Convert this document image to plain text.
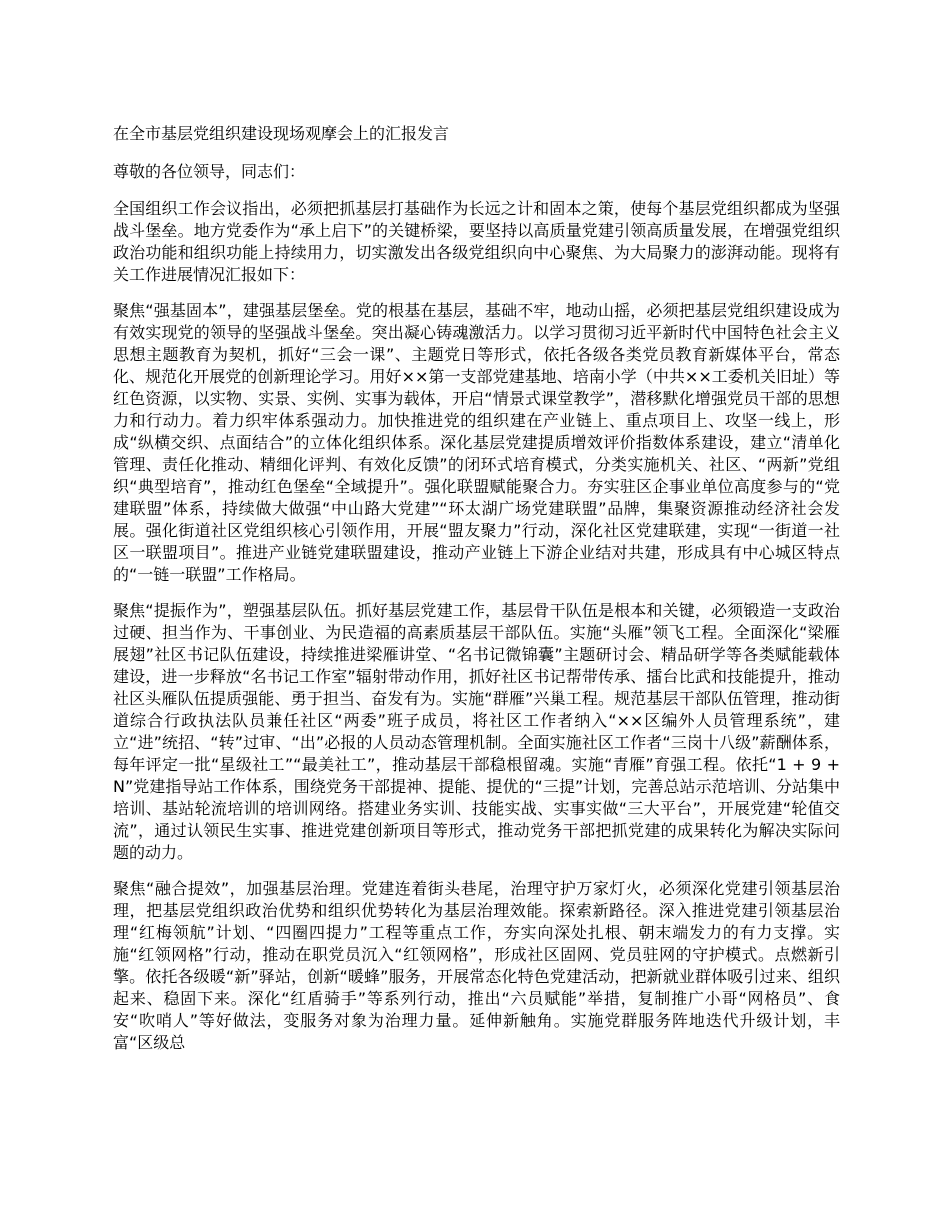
在全市基层党组织建设现场观摩会上的汇报发言
尊敬的各位领导，同志们：

全国组织工作会议指出，必须把抓基层打基础作为长远之计和固本之策，使每个基层党组织都成为坚强战斗堡垒。地方党委作为“承上启下”的关键桥梁，要坚持以高质量党建引领高质量发展，在增强党组织政治功能和组织功能上持续用力，切实激发出各级党组织向中心聚焦、为大局聚力的澎湃动能。现将有关工作进展情况汇报如下：

聚焦“强基固本”，建强基层堡垒。党的根基在基层，基础不牢，地动山摇，必须把基层党组织建设成为有效实现党的领导的坚强战斗堡垒。突出凝心铸魂激活力。以学习贯彻习近平新时代中国特色社会主义思想主题教育为契机，抓好“三会一课”、主题党日等形式，依托各级各类党员教育新媒体平台，常态化、规范化开展党的创新理论学习。用好××第一支部党建基地、培南小学（中共××工委机关旧址）等红色资源，以实物、实景、实例、实事为载体，开启“情景式课堂教学”，潜移默化增强党员干部的思想力和行动力。着力织牢体系强动力。加快推进党的组织建在产业链上、重点项目上、攻坚一线上，形成“纵横交织、点面结合”的立体化组织体系。深化基层党建提质增效评价指数体系建设，建立“清单化管理、责任化推动、精细化评判、有效化反馈”的闭环式培育模式，分类实施机关、社区、“两新”党组织“典型培育”，推动红色堡垒“全域提升”。强化联盟赋能聚合力。夯实驻区企事业单位高度参与的“党建联盟”体系，持续做大做强“中山路大党建”“环太湖广场党建联盟”品牌，集聚资源推动经济社会发展。强化街道社区党组织核心引领作用，开展“盟友聚力”行动，深化社区党建联建，实现“一街道一社区一联盟项目”。推进产业链党建联盟建设，推动产业链上下游企业结对共建，形成具有中心城区特点的“一链一联盟”工作格局。

聚焦“提振作为”，塑强基层队伍。抓好基层党建工作，基层骨干队伍是根本和关键，必须锻造一支政治过硬、担当作为、干事创业、为民造福的高素质基层干部队伍。实施“头雁”领飞工程。全面深化“梁雁展翅”社区书记队伍建设，持续推进梁雁讲堂、“名书记微锦囊”主题研讨会、精品研学等各类赋能载体建设，进一步释放“名书记工作室”辐射带动作用，抓好社区书记帮带传承、擂台比武和技能提升，推动社区头雁队伍提质强能、勇于担当、奋发有为。实施“群雁”兴巢工程。规范基层干部队伍管理，推动街道综合行政执法队员兼任社区“两委”班子成员，将社区工作者纳入“××区编外人员管理系统”，建立“进”统招、“转”过审、“出”必报的人员动态管理机制。全面实施社区工作者“三岗十八级”薪酬体系，每年评定一批“星级社工”“最美社工”，推动基层干部稳根留魂。实施“青雁”育强工程。依托“1 + 9 + N”党建指导站工作体系，围绕党务干部提神、提能、提优的“三提”计划，完善总站示范培训、分站集中培训、基站轮流培训的培训网络。搭建业务实训、技能实战、实事实做“三大平台”，开展党建“轮值交流”，通过认领民生实事、推进党建创新项目等形式，推动党务干部把抓党建的成果转化为解决实际问题的动力。

聚焦“融合提效”，加强基层治理。党建连着街头巷尾，治理守护万家灯火，必须深化党建引领基层治理，把基层党组织政治优势和组织优势转化为基层治理效能。探索新路径。深入推进党建引领基层治理“红梅领航”计划、“四圈四提力”工程等重点工作，夯实向深处扎根、朝末端发力的有力支撑。实施“红领网格”行动，推动在职党员沉入“红领网格”，形成社区固网、党员驻网的守护模式。点燃新引擎。依托各级暖“新”驿站，创新“暖蜂”服务，开展常态化特色党建活动，把新就业群体吸引过来、组织起来、稳固下来。深化“红盾骑手”等系列行动，推出“六员赋能”举措，复制推广小哥“网格员”、食安“吹哨人”等好做法，变服务对象为治理力量。延伸新触角。实施党群服务阵地迭代升级计划，丰富“区级总
